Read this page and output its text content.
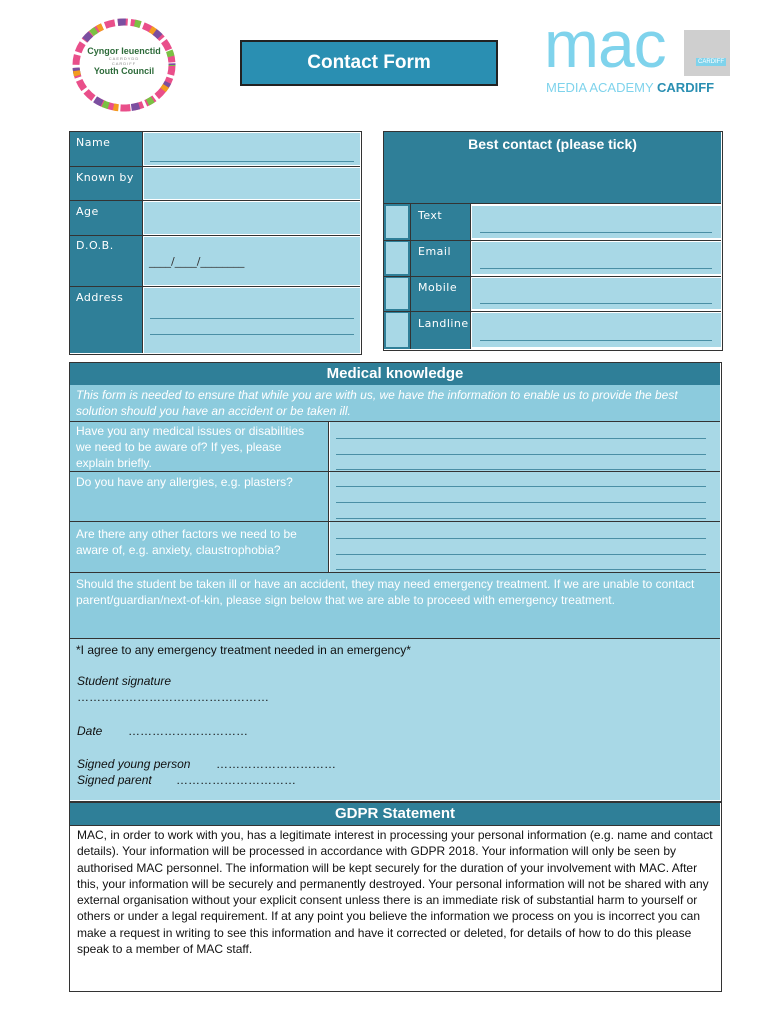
Cyngor Ieuenctid
CAERDYDD
CARDIFF
Youth Council	Contact Form mac	CARDIFF
MEDIA ACADEMY CARDIFF
Name
Known by
Age
D.O.B.
Address
____/____/________
Best contact (please tick)
Text
Email
Mobile
Landline
Medical knowledge
This form is needed to ensure that while you are with us, we have the information to enable us to provide the best solution should you have an accident or be taken ill.
Have you any medical issues or disabilities we need to be aware of? If yes, please explain briefly.
Do you have any allergies, e.g. plasters?
Are there any other factors we need to be aware of, e.g. anxiety, claustrophobia?
Should the student be taken ill or have an accident, they may need emergency treatment. If we are unable to contact parent/guardian/next-of-kin, please sign below that we are able to proceed with emergency treatment.
*I agree to any emergency treatment needed in an emergency*
Student signature
…………………………………………
Date …………………………
Signed young person …………………………
Signed parent …………………………
GDPR Statement
MAC, in order to work with you, has a legitimate interest in processing your personal information (e.g. name and contact details). Your information will be processed in accordance with GDPR 2018. Your information will only be seen by authorised MAC personnel. The information will be kept securely for the duration of your involvement with MAC. After this, your information will be securely and permanently destroyed. Your personal information will not be shared with any external organisation without your explicit consent unless there is an immediate risk of substantial harm to yourself or others or under a legal requirement. If at any point you believe the information we process on you is incorrect you can make a request in writing to see this information and have it corrected or deleted, for details of how to do this please speak to a member of MAC staff.
